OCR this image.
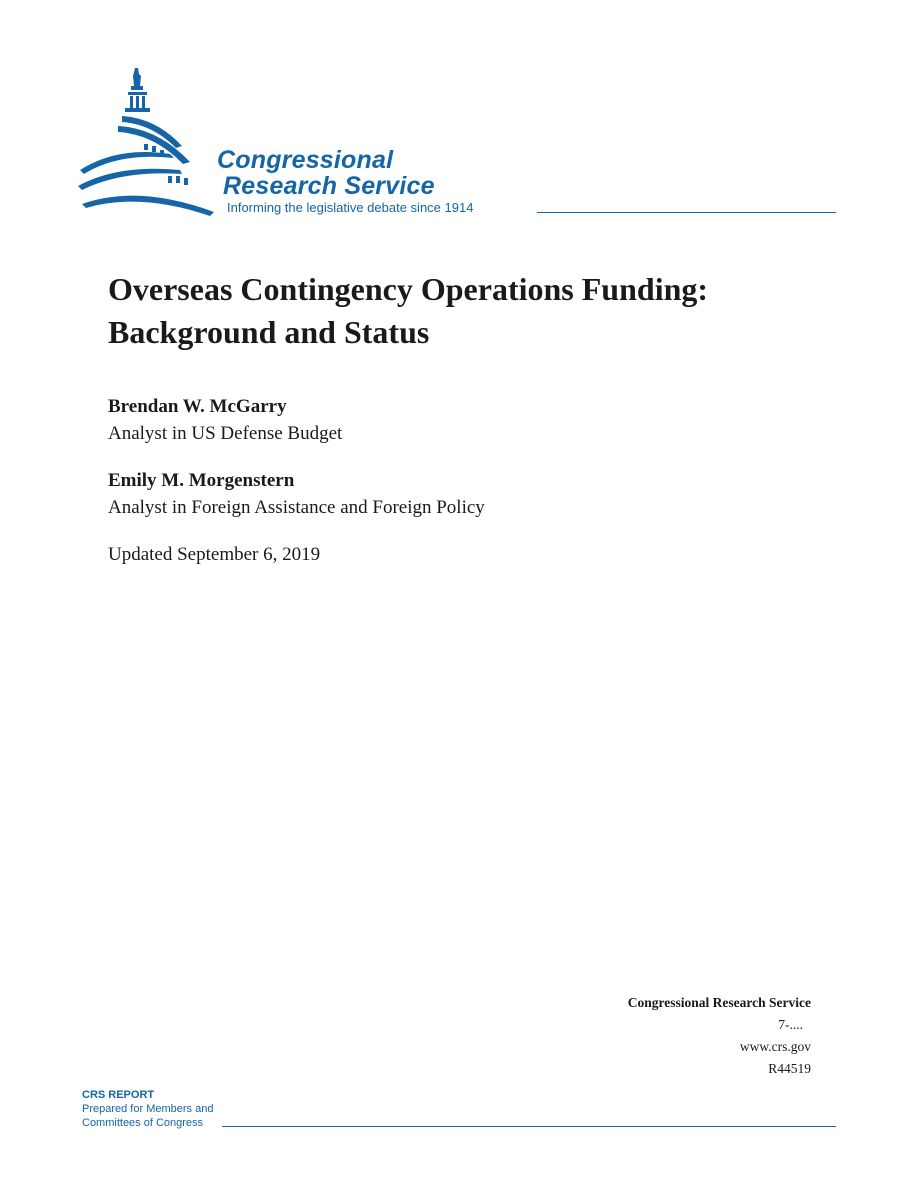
Congressional
Research Service
Informing the legislative debate since 1914
Overseas Contingency Operations Funding: Background and Status
Brendan W. McGarry
Analyst in US Defense Budget
Emily M. Morgenstern
Analyst in Foreign Assistance and Foreign Policy
Updated September 6, 2019
Congressional Research Service
7-....
www.crs.gov
R44519
CRS REPORT
Prepared for Members and
Committees of Congress
